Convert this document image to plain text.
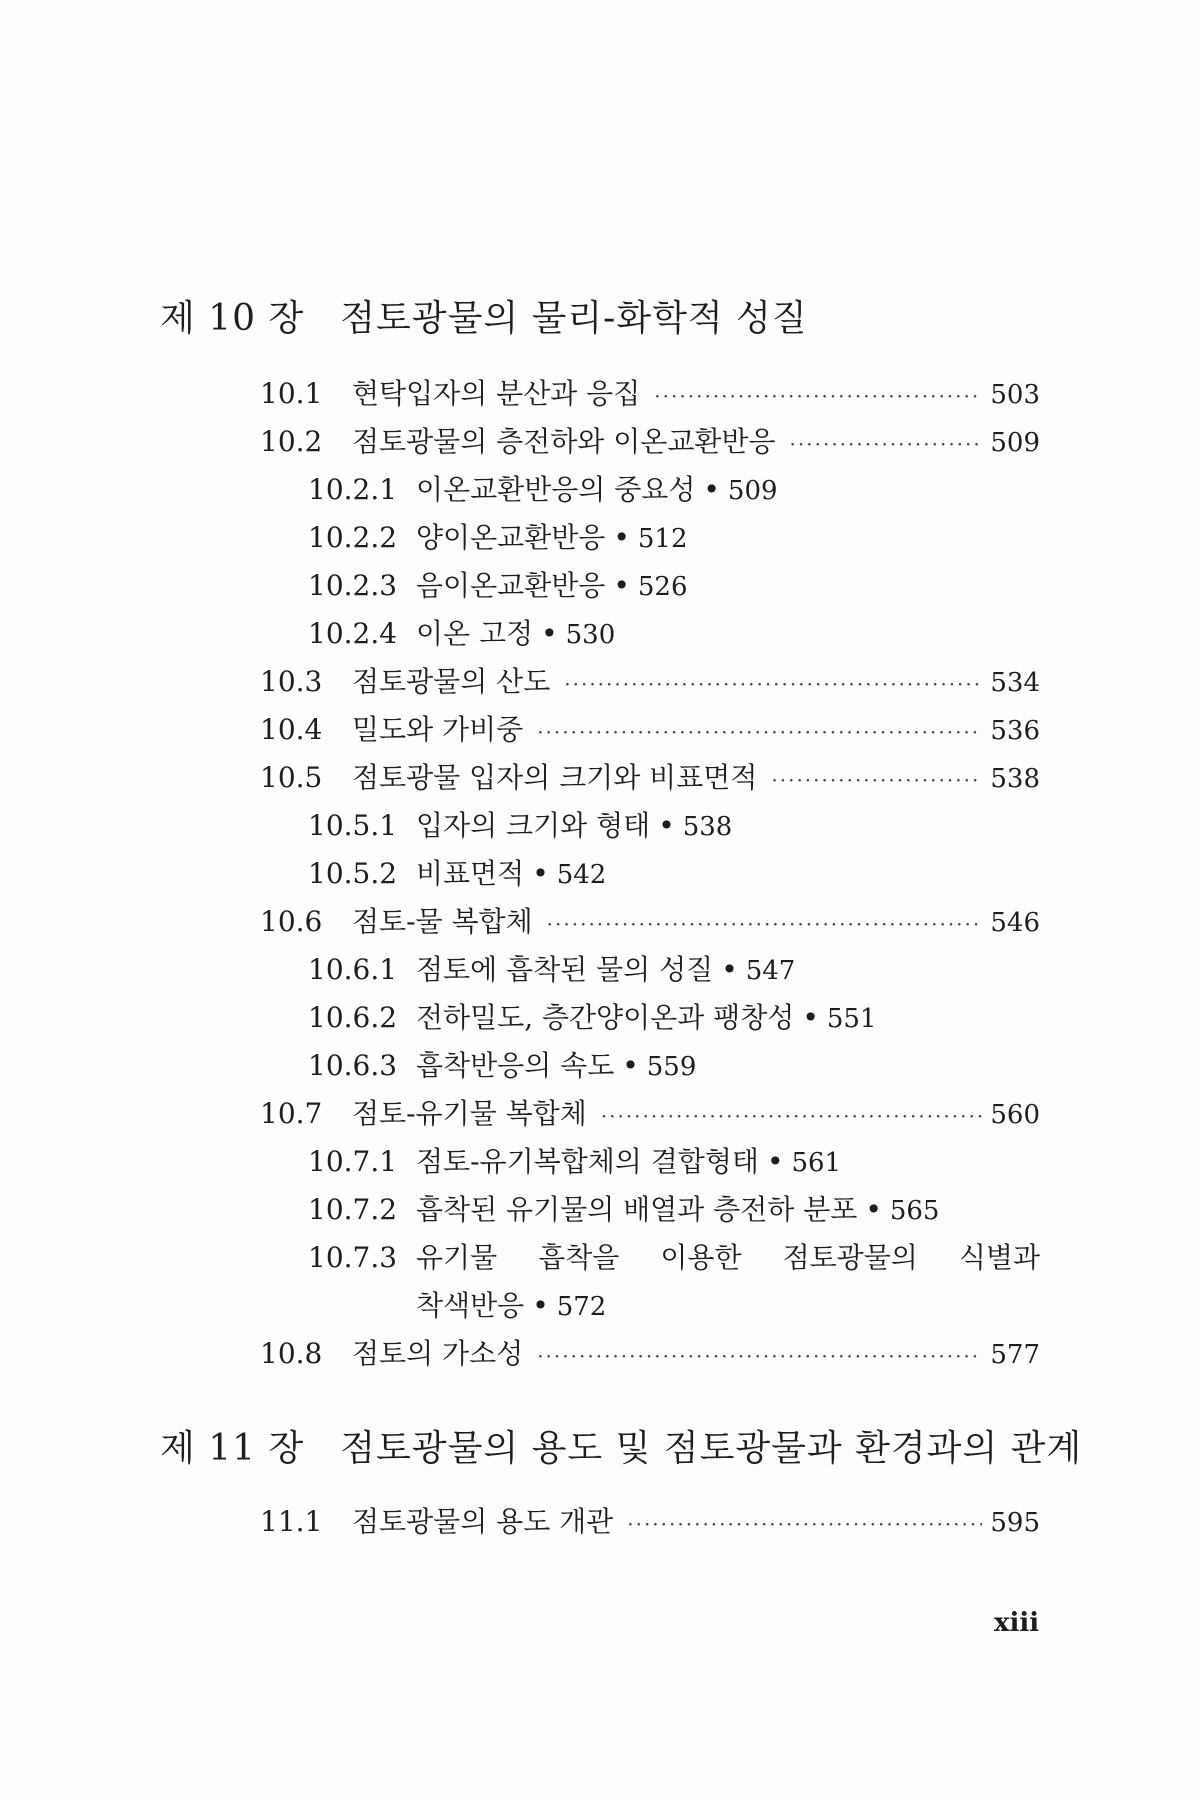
제 10 장 점토광물의 물리-화학적 성질
10.1	현탁입자의 분산과 응집 ·····	503
10.2	점토광물의 층전하와 이온교환반응 ·····	509
10.2.1 이온교환반응의 중요성 • 509
10.2.2 양이온교환반응 • 512
10.2.3 음이온교환반응 • 526
10.2.4 이온 고정 • 530
10.3	점토광물의 산도 ·····	534
10.4	밀도와 가비중 ·····	536
10.5	점토광물 입자의 크기와 비표면적 ·····	538
10.5.1 입자의 크기와 형태 • 538
10.5.2 비표면적 • 542
10.6	점토-물 복합체 ·····	546
10.6.1 점토에 흡착된 물의 성질 • 547
10.6.2 전하밀도, 층간양이온과 팽창성 • 551
10.6.3 흡착반응의 속도 • 559
10.7	점토-유기물 복합체 ·····	560
10.7.1 점토-유기복합체의 결합형태 • 561
10.7.2 흡착된 유기물의 배열과 층전하 분포 • 565
10.7.3 유기물 흡착을 이용한 점토광물의 식별과
착색반응 • 572
10.8	점토의 가소성 ·····	577
제 11 장 점토광물의 용도 및 점토광물과 환경과의 관계
11.1	점토광물의 용도 개관 ·····	595
xiii
